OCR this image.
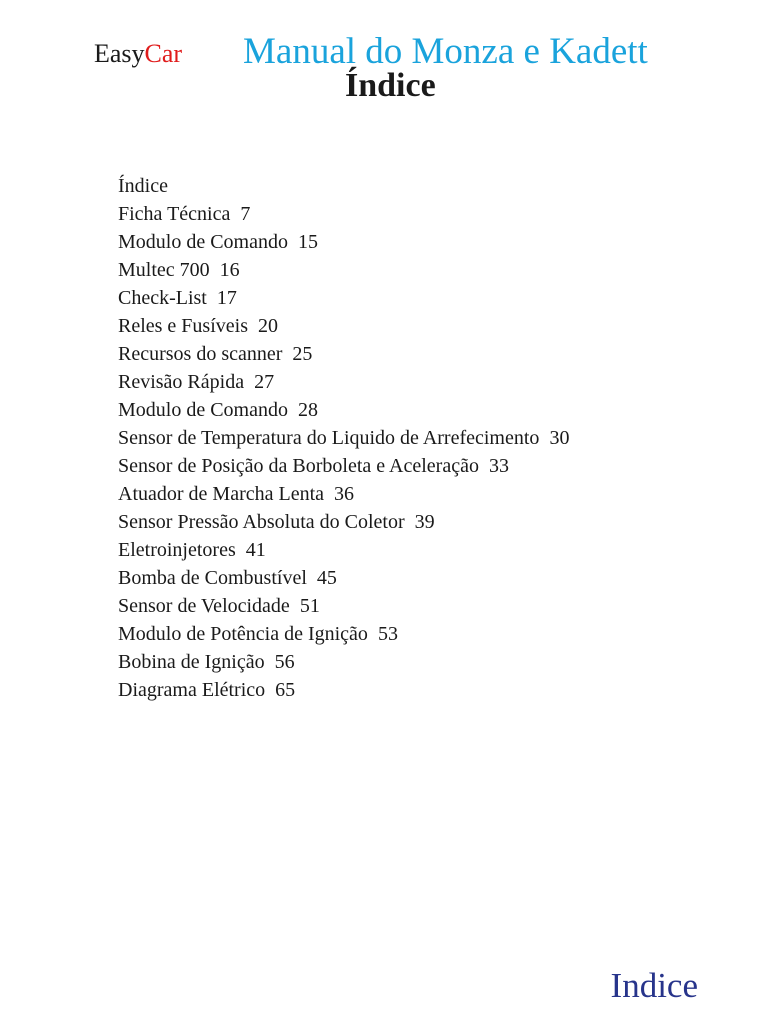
EasyCar Manual do Monza e Kadett
Índice
Índice
Ficha Técnica 7
Modulo de Comando 15
Multec 700 16
Check-List 17
Reles e Fusíveis 20
Recursos do scanner 25
Revisão Rápida 27
Modulo de Comando 28
Sensor de Temperatura do Liquido de Arrefecimento 30
Sensor de Posição da Borboleta e Aceleração 33
Atuador de Marcha Lenta 36
Sensor Pressão Absoluta do Coletor 39
Eletroinjetores 41
Bomba de Combustível 45
Sensor de Velocidade 51
Modulo de Potência de Ignição 53
Bobina de Ignição 56
Diagrama Elétrico 65
Indice
